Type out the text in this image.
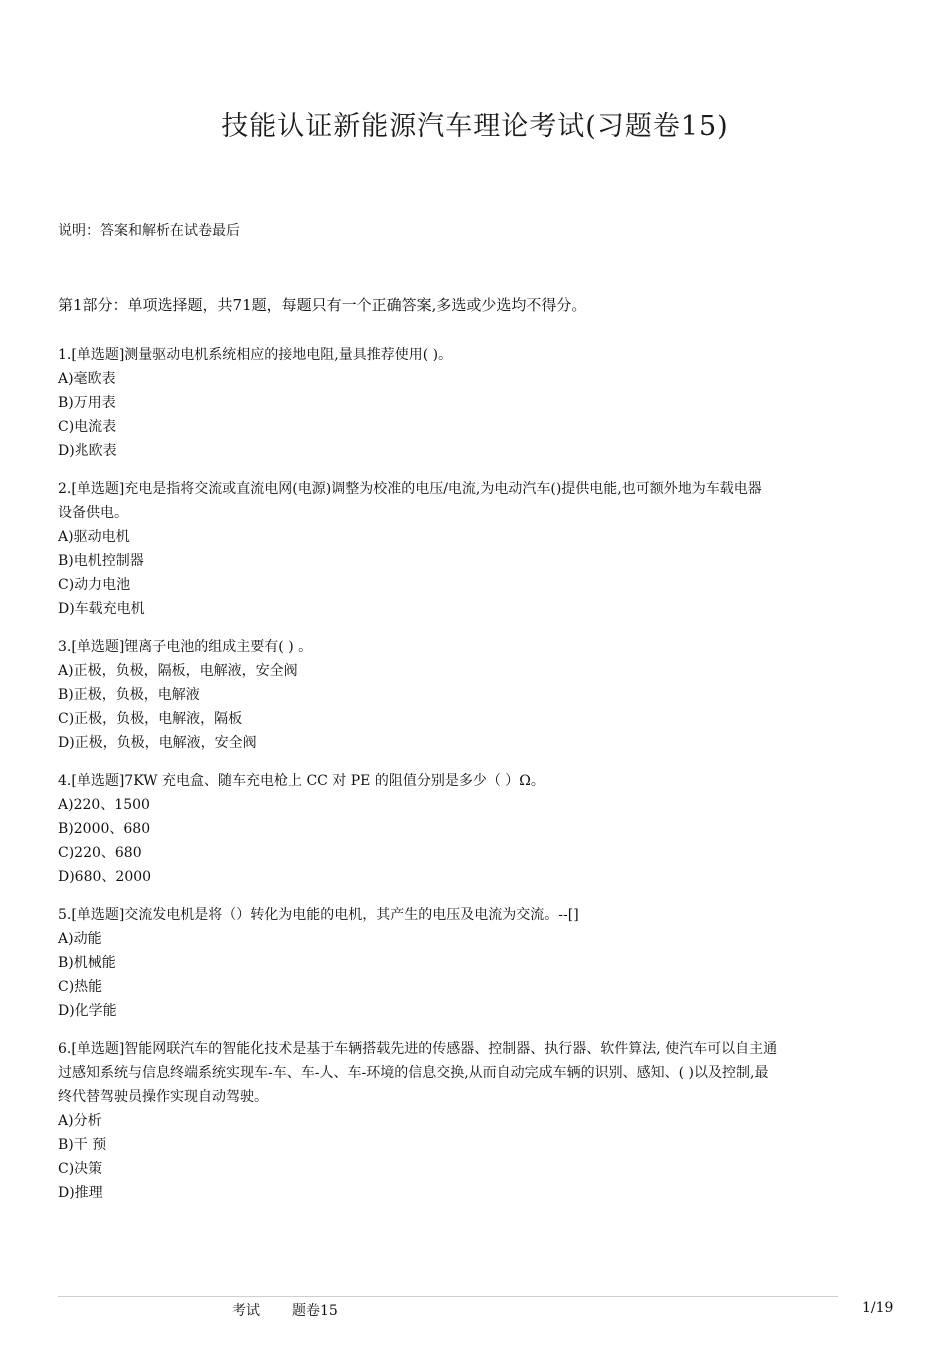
技能认证新能源汽车理论考试(习题卷15)
说明：答案和解析在试卷最后
第1部分：单项选择题，共71题，每题只有一个正确答案,多选或少选均不得分。
1.[单选题]测量驱动电机系统相应的接地电阻,量具推荐使用( )。
A)毫欧表
B)万用表
C)电流表
D)兆欧表
2.[单选题]充电是指将交流或直流电网(电源)调整为校准的电压/电流,为电动汽车()提供电能,也可额外地为车载电器
设备供电。
A)驱动电机
B)电机控制器
C)动力电池
D)车载充电机
3.[单选题]锂离子电池的组成主要有( ) 。
A)正极，负极，隔板，电解液，安全阀
B)正极，负极，电解液
C)正极，负极，电解液，隔板
D)正极，负极，电解液，安全阀
4.[单选题]7KW 充电盒、随车充电枪上 CC 对 PE 的阻值分别是多少（ ）Ω。
A)220、1500
B)2000、680
C)220、680
D)680、2000
5.[单选题]交流发电机是将（）转化为电能的电机，其产生的电压及电流为交流。--[]
A)动能
B)机械能
C)热能
D)化学能
6.[单选题]智能网联汽车的智能化技术是基于车辆搭载先进的传感器、控制器、执行器、软件算法, 使汽车可以自主通
过感知系统与信息终端系统实现车-车、车-人、车-环境的信息交换,从而自动完成车辆的识别、感知、( )以及控制,最
终代替驾驶员操作实现自动驾驶。
A)分析
B)干 预
C)决策
D)推理
考试 题卷15	1/19
